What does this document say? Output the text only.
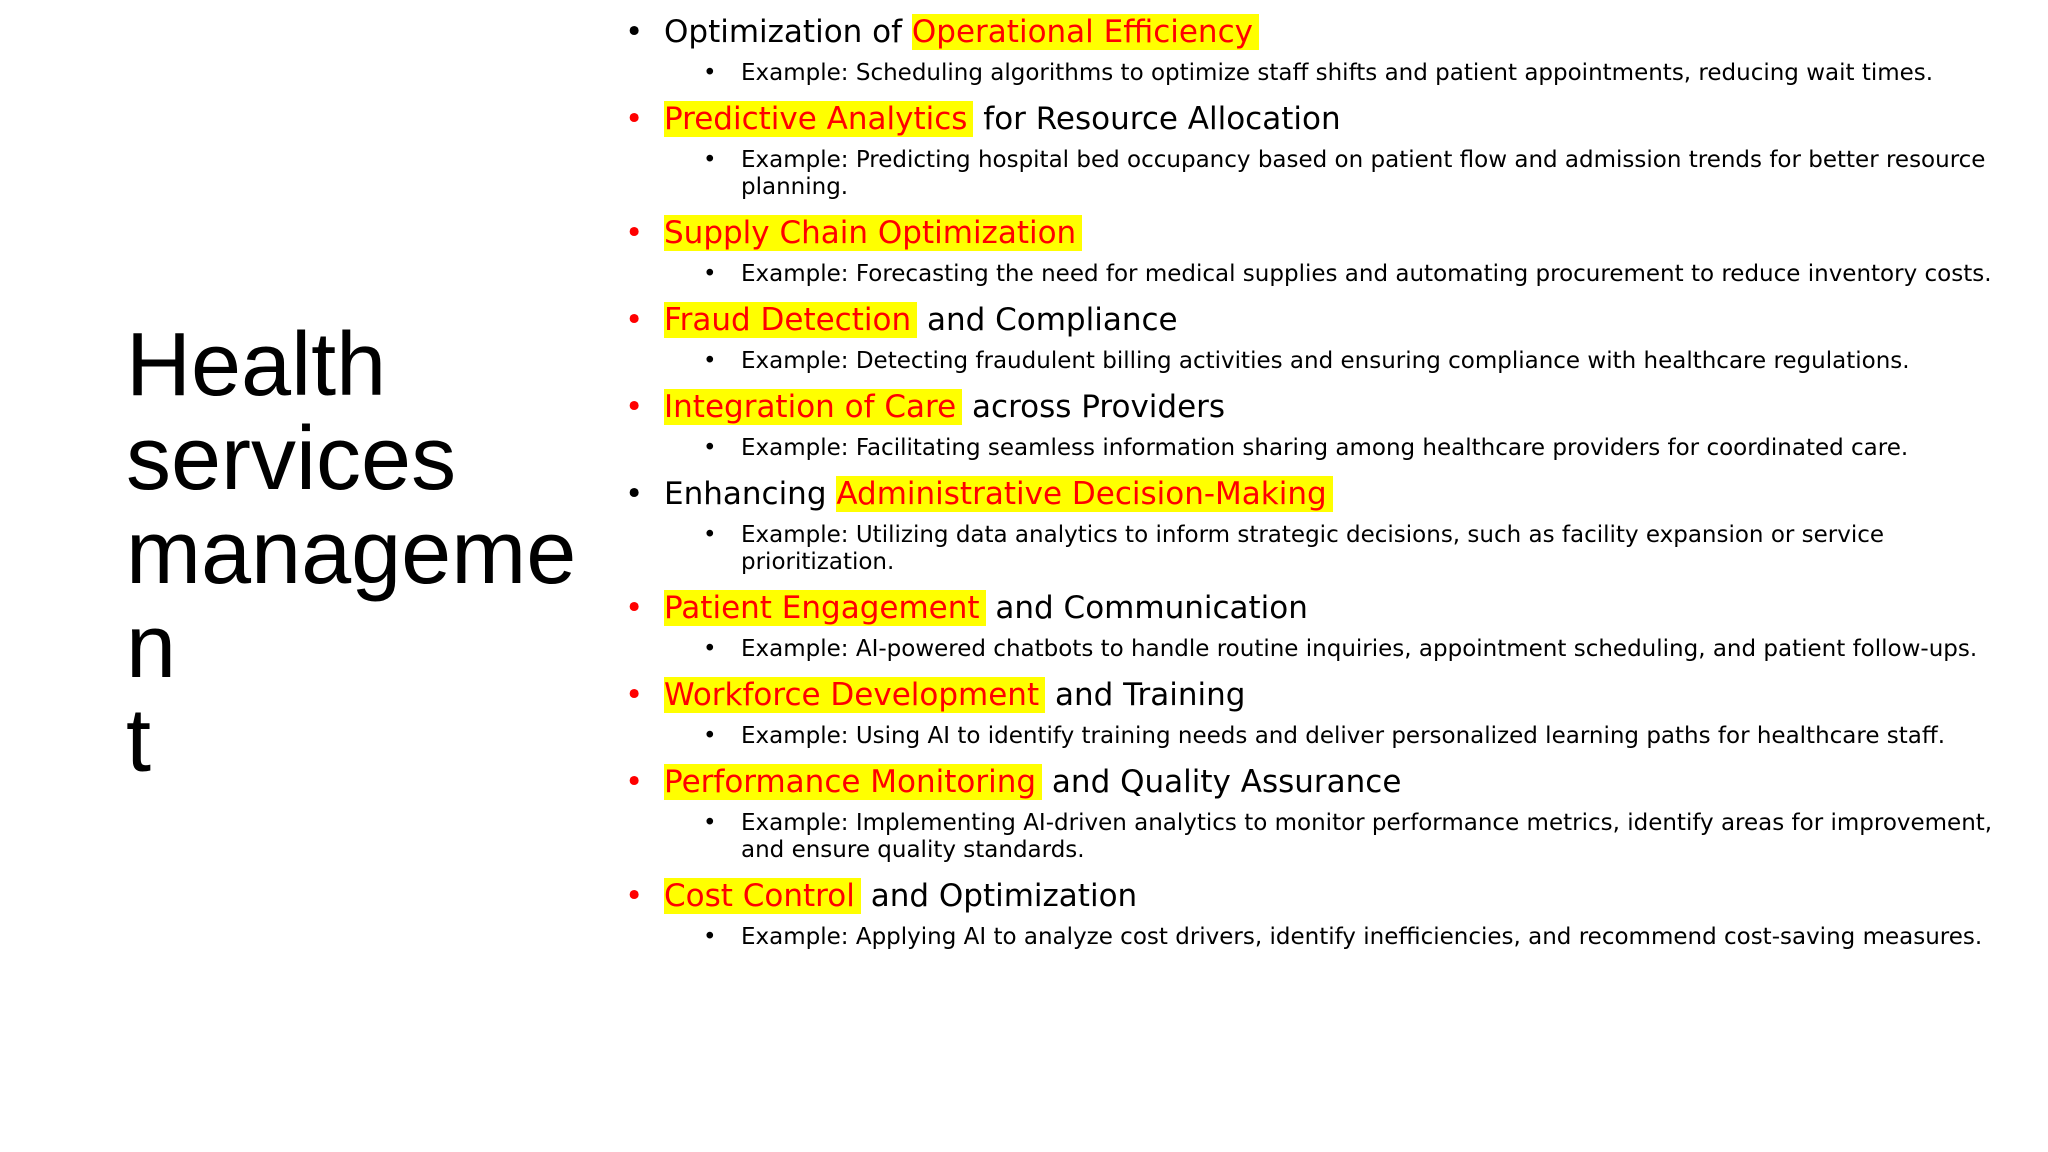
Health
services
managemen
t
• Optimization of Operational Efficiency
• Example: Scheduling algorithms to optimize staff shifts and patient appointments, reducing wait times.
• Predictive Analytics for Resource Allocation
• Example: Predicting hospital bed occupancy based on patient flow and admission trends for better resource planning.
• Supply Chain Optimization
• Example: Forecasting the need for medical supplies and automating procurement to reduce inventory costs.
• Fraud Detection and Compliance
• Example: Detecting fraudulent billing activities and ensuring compliance with healthcare regulations.
• Integration of Care across Providers
• Example: Facilitating seamless information sharing among healthcare providers for coordinated care.
• Enhancing Administrative Decision-Making
• Example: Utilizing data analytics to inform strategic decisions, such as facility expansion or service prioritization.
• Patient Engagement and Communication
• Example: AI-powered chatbots to handle routine inquiries, appointment scheduling, and patient follow-ups.
• Workforce Development and Training
• Example: Using AI to identify training needs and deliver personalized learning paths for healthcare staff.
• Performance Monitoring and Quality Assurance
• Example: Implementing AI-driven analytics to monitor performance metrics, identify areas for improvement, and ensure quality standards.
• Cost Control and Optimization
• Example: Applying AI to analyze cost drivers, identify inefficiencies, and recommend cost-saving measures.
